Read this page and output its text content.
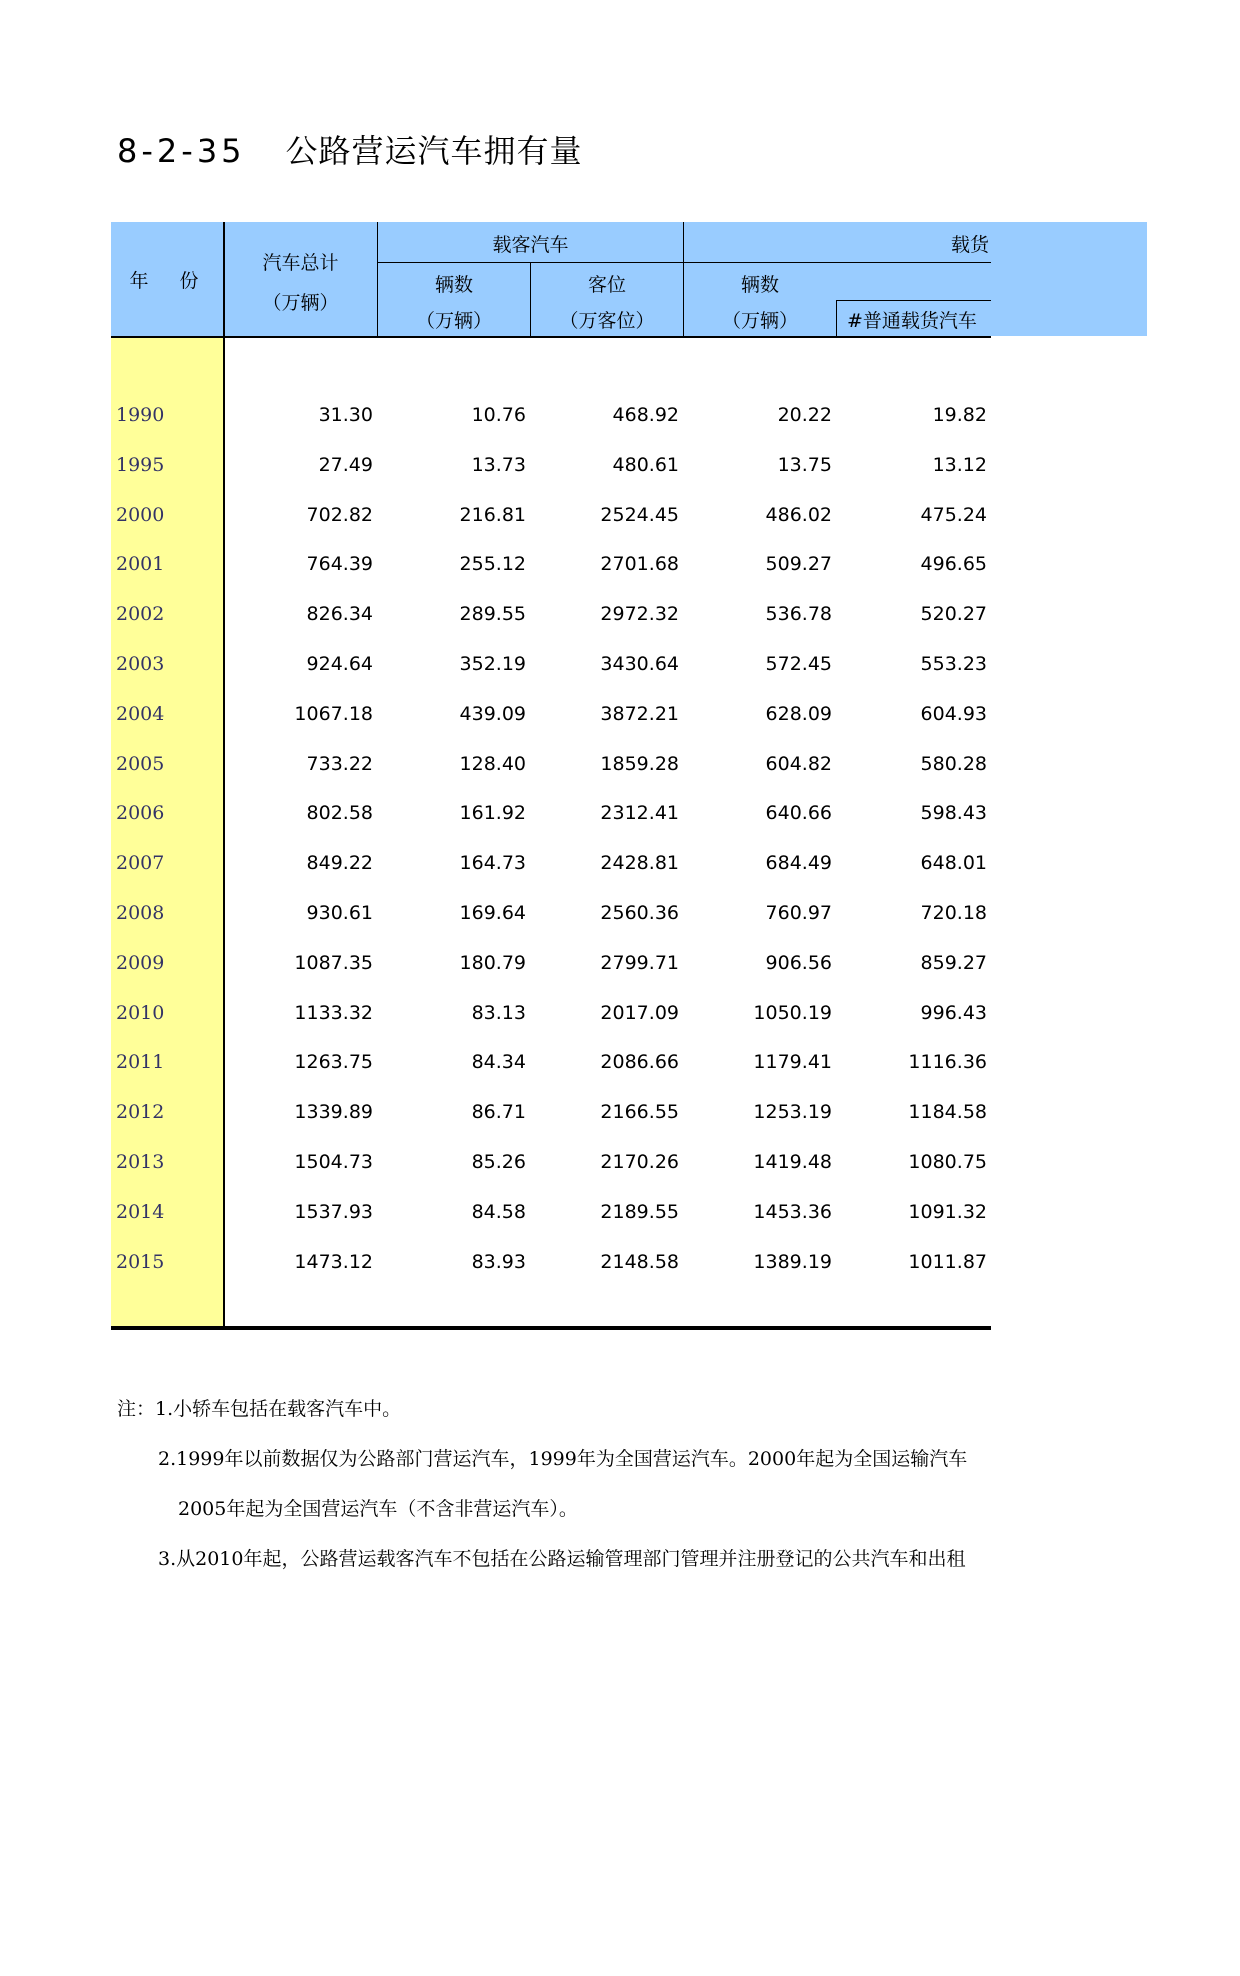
8-2-35 公路营运汽车拥有量
年　份
汽车总计
（万辆）
载客汽车
辆数
（万辆）
客位
（万客位）
载货
辆数
（万辆）	#普通载货汽车
1990	31.30	10.76	468.92	20.22	19.82
1995	27.49	13.73	480.61	13.75	13.12
2000	702.82	216.81	2524.45	486.02	475.24
2001	764.39	255.12	2701.68	509.27	496.65
2002	826.34	289.55	2972.32	536.78	520.27
2003	924.64	352.19	3430.64	572.45	553.23
2004	1067.18	439.09	3872.21	628.09	604.93
2005	733.22	128.40	1859.28	604.82	580.28
2006	802.58	161.92	2312.41	640.66	598.43
2007	849.22	164.73	2428.81	684.49	648.01
2008	930.61	169.64	2560.36	760.97	720.18
2009	1087.35	180.79	2799.71	906.56	859.27
2010	1133.32	83.13	2017.09	1050.19	996.43
2011	1263.75	84.34	2086.66	1179.41	1116.36
2012	1339.89	86.71	2166.55	1253.19	1184.58
2013	1504.73	85.26	2170.26	1419.48	1080.75
2014	1537.93	84.58	2189.55	1453.36	1091.32
2015	1473.12	83.93	2148.58	1389.19	1011.87
注：1.小轿车包括在载客汽车中。
2.1999年以前数据仅为公路部门营运汽车，1999年为全国营运汽车。2000年起为全国运输汽车
2005年起为全国营运汽车（不含非营运汽车）。
3.从2010年起，公路营运载客汽车不包括在公路运输管理部门管理并注册登记的公共汽车和出租
